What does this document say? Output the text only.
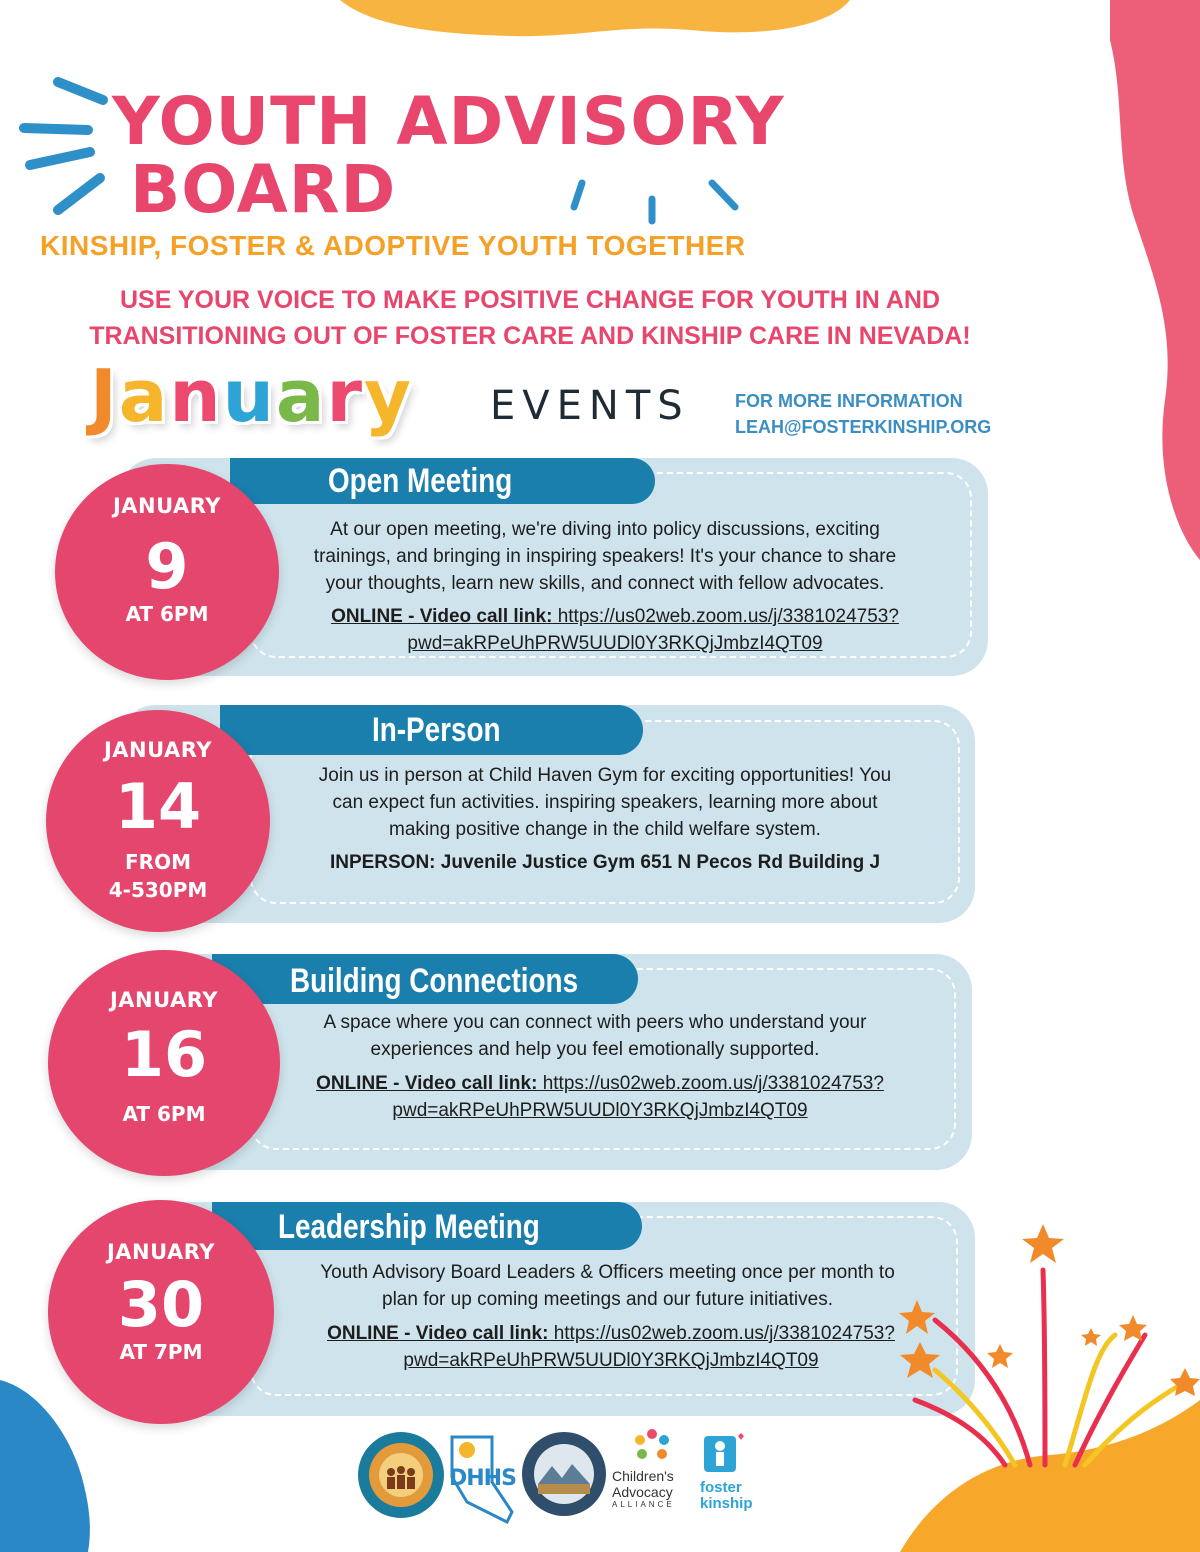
YOUTH ADVISORY
BOARD
KINSHIP, FOSTER & ADOPTIVE YOUTH TOGETHER
USE YOUR VOICE TO MAKE POSITIVE CHANGE FOR YOUTH IN AND
TRANSITIONING OUT OF FOSTER CARE AND KINSHIP CARE IN NEVADA!
January EVENTS	FOR MORE INFORMATION
LEAH@FOSTERKINSHIP.ORG
Open Meeting
JANUARY
9
AT 6PM
At our open meeting, we're diving into policy discussions, exciting
trainings, and bringing in inspiring speakers! It's your chance to share
your thoughts, learn new skills, and connect with fellow advocates.
ONLINE - Video call link: https://us02web.zoom.us/j/3381024753?
pwd=akRPeUhPRW5UUDl0Y3RKQjJmbzI4QT09
In-Person
JANUARY
14
FROM
4-530PM
Join us in person at Child Haven Gym for exciting opportunities! You
can expect fun activities. inspiring speakers, learning more about
making positive change in the child welfare system.
INPERSON: Juvenile Justice Gym 651 N Pecos Rd Building J
Building Connections
JANUARY
16
AT 6PM
A space where you can connect with peers who understand your
experiences and help you feel emotionally supported.
ONLINE - Video call link: https://us02web.zoom.us/j/3381024753?
pwd=akRPeUhPRW5UUDl0Y3RKQjJmbzI4QT09
Leadership Meeting
JANUARY
30
AT 7PM
Youth Advisory Board Leaders & Officers meeting once per month to
plan for up coming meetings and our future initiatives.
ONLINE - Video call link: https://us02web.zoom.us/j/3381024753?
pwd=akRPeUhPRW5UUDl0Y3RKQjJmbzI4QT09
DHHS	Children's
Advocacy
ALLIANCE
foster
kinship
